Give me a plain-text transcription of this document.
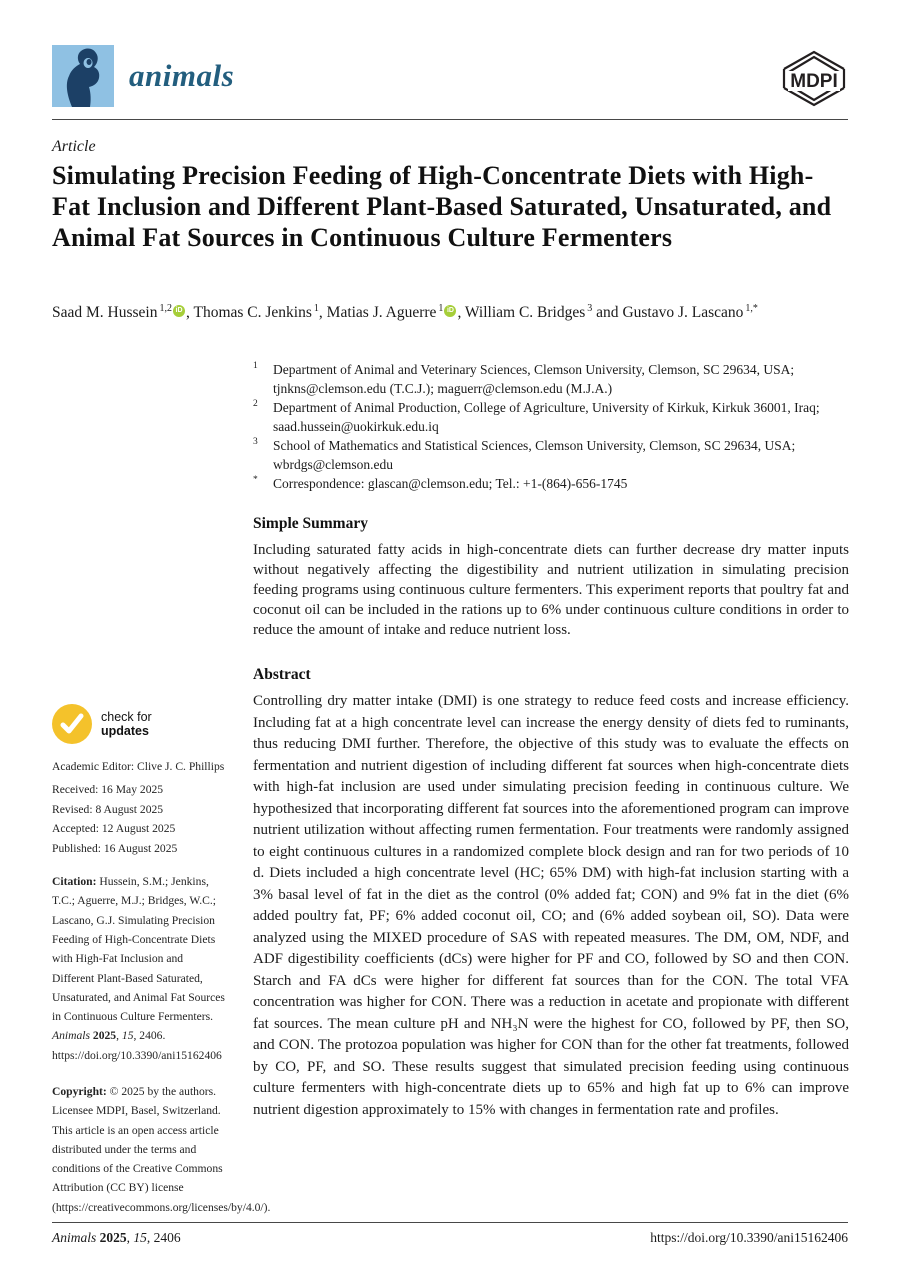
animals	MDPI
Article
Simulating Precision Feeding of High-Concentrate Diets with High-Fat Inclusion and Different Plant-Based Saturated, Unsaturated, and Animal Fat Sources in Continuous Culture Fermenters
Saad M. Hussein $^{1,2}$ iD , Thomas C. Jenkins $^1$, Matias J. Aguerre $^1$ iD , William C. Bridges $^3$ and Gustavo J. Lascano $^{1,*}$
check for
updates

Academic Editor: Clive J. C. Phillips

Received: 16 May 2025

Revised: 8 August 2025

Accepted: 12 August 2025

Published: 16 August 2025

Citation: Hussein, S.M.; Jenkins, T.C.; Aguerre, M.J.; Bridges, W.C.; Lascano, G.J. Simulating Precision Feeding of High-Concentrate Diets with High-Fat Inclusion and Different Plant-Based Saturated, Unsaturated, and Animal Fat Sources in Continuous Culture Fermenters. Animals 2025, 15, 2406. https://doi.org/10.3390/ani15162406

Copyright: © 2025 by the authors. Licensee MDPI, Basel, Switzerland. This article is an open access article distributed under the terms and conditions of the Creative Commons Attribution (CC BY) license (https://creativecommons.org/licenses/by/4.0/).

1	Department of Animal and Veterinary Sciences, Clemson University, Clemson, SC 29634, USA; tjnkns@clemson.edu (T.C.J.); maguerr@clemson.edu (M.J.A.)
2	Department of Animal Production, College of Agriculture, University of Kirkuk, Kirkuk 36001, Iraq; saad.hussein@uokirkuk.edu.iq
3	School of Mathematics and Statistical Sciences, Clemson University, Clemson, SC 29634, USA; wbrdgs@clemson.edu
*	Correspondence: glascan@clemson.edu; Tel.: +1-(864)-656-1745
Simple Summary

Including saturated fatty acids in high-concentrate diets can further decrease dry matter inputs without negatively affecting the digestibility and nutrient utilization in simulating precision feeding programs using continuous culture fermenters. This experiment reports that poultry fat and coconut oil can be included in the rations up to 6% under continuous culture conditions in order to reduce the amount of intake and reduce nutrient loss.

Abstract

Controlling dry matter intake (DMI) is one strategy to reduce feed costs and increase efficiency. Including fat at a high concentrate level can increase the energy density of diets fed to ruminants, thus reducing DMI further. Therefore, the objective of this study was to evaluate the effects on fermentation and nutrient digestion of including different fat sources when high-concentrate diets with high-fat inclusion are used under simulating precision feeding in continuous culture. We hypothesized that incorporating different fat sources into the aforementioned program can improve nutrient utilization without affecting rumen fermentation. Four treatments were randomly assigned to eight continuous cultures in a randomized complete block design and ran for two periods of 10 d. Diets included a high concentrate level (HC; 65% DM) with high-fat inclusion starting with a 3% basal level of fat in the diet as the control (0% added fat; CON) and 9% fat in the diet (6% added poultry fat, PF; 6% added coconut oil, CO; and (6% added soybean oil, SO). Data were analyzed using the MIXED procedure of SAS with repeated measures. The DM, OM, NDF, and ADF digestibility coefficients (dCs) were higher for PF and CO, followed by SO and then CON. Starch and FA dCs were higher for different fat sources than for the CON. The total VFA concentration was higher for CON. There was a reduction in acetate and propionate with different fat sources. The mean culture pH and NH₃N were the highest for CO, followed by PF, then SO, and CON. The protozoa population was higher for CON than for the other fat treatments, followed by CO, PF, and SO. These results suggest that simulated precision feeding using continuous culture fermenters with high-concentrate diets up to 65% and high fat up to 6% can improve nutrient digestion approximately to 15% with changes in fermentation rate and profiles.

Animals 2025, 15, 2406	https://doi.org/10.3390/ani15162406
